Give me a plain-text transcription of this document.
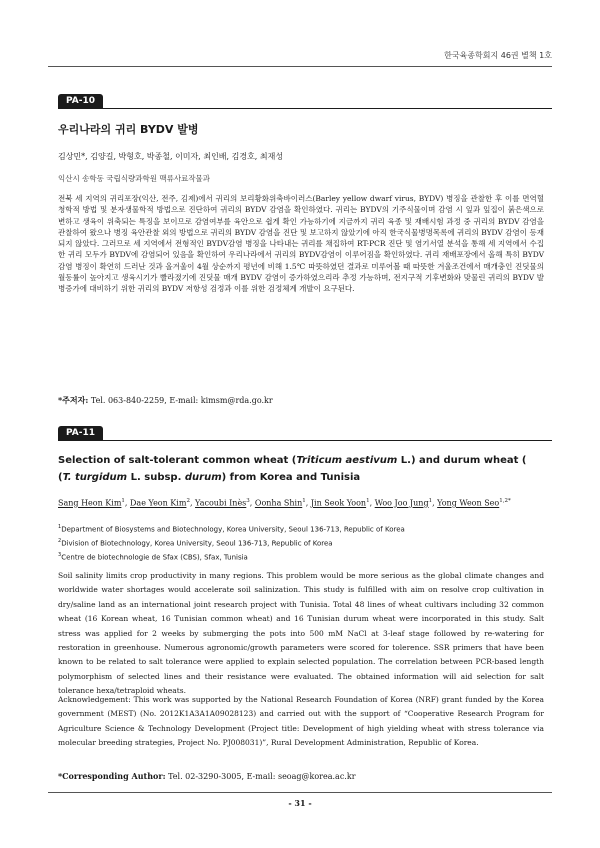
한국육종학회지 46권 별책 1호
PA-10
우리나라의 귀리 BYDV 발병
김상민*, 김양길, 박형호, 박종철, 이미자, 최인배, 김경호, 최재성
익산시 송학동 국립식량과학원 맥류사료작물과
전북 세 지역의 귀리포장(익산, 전주, 김제)에서 귀리의 보리황화위축바이러스(Barley yellow dwarf virus, BYDV) 병징을 관찰한 후 이를 면역혈청학적 방법 및 분자생물학적 방법으로 진단하여 귀리의 BYDV 감염을 확인하였다. 귀리는 BYDV의 기주식물이며 감염 시 잎과 잎집이 붉은색으로 변하고 생육이 위축되는 특징을 보이므로 감염여부를 육안으로 쉽게 확인 가능하기에 지금까지 귀리 육종 및 재배시험 과정 중 귀리의 BYDV 감염을 관찰하여 왔으나 병징 육안관찰 외의 방법으로 귀리의 BYDV 감염을 진단 및 보고하지 않았기에 아직 한국식물병명목록에 귀리의 BYDV 감염이 등재되지 않았다. 그러므로 세 지역에서 전형적인 BYDV감염 병징을 나타내는 귀리를 채집하여 RT-PCR 진단 및 염기서열 분석을 통해 세 지역에서 수집한 귀리 모두가 BYDV에 감염되어 있음을 확인하여 우리나라에서 귀리의 BYDV감염이 이루어짐을 확인하였다. 귀리 재배포장에서 올해 특히 BYDV 감염 병징이 확연히 드러난 것과 올겨울이 4월 상순까지 평년에 비해 1.5℃ 따뜻하였던 결과로 미루어볼 때 따뜻한 겨울조건에서 매개충인 진딧물의 월동률이 높아지고 생육시기가 빨라졌기에 진딧물 매개 BYDV 감염이 증가하였으리라 추정 가능하며, 전지구적 기후변화와 맞물린 귀리의 BYDV 발병증가에 대비하기 위한 귀리의 BYDV 저항성 검정과 이를 위한 검정체계 개발이 요구된다.
*주저자: Tel. 063-840-2259, E-mail: kimsm@rda.go.kr
PA-11
Selection of salt-tolerant common wheat (Triticum aestivum L.) and durum wheat (
(T. turgidum L. subsp. durum) from Korea and Tunisia
Sang Heon Kim$^1$, Dae Yeon Kim$^2$, Yacoubi Inès$^3$, Oonha Shin$^1$, Jin Seok Yoon$^1$, Woo Joo Jung$^1$, Yong Weon Seo$^{1,2*}$
$^1$Department of Biosystems and Biotechnology, Korea University, Seoul 136-713, Republic of Korea
$^2$Division of Biotechnology, Korea University, Seoul 136-713, Republic of Korea
$^3$Centre de biotechnologie de Sfax (CBS), Sfax, Tunisia
Soil salinity limits crop productivity in many regions. This problem would be more serious as the global climate changes and worldwide water shortages would accelerate soil salinization. This study is fulfilled with aim on resolve crop cultivation in dry/saline land as an international joint research project with Tunisia. Total 48 lines of wheat cultivars including 32 common wheat (16 Korean wheat, 16 Tunisian common wheat) and 16 Tunisian durum wheat were incorporated in this study. Salt stress was applied for 2 weeks by submerging the pots into 500 mM NaCl at 3-leaf stage followed by re-watering for restoration in greenhouse. Numerous agronomic/growth parameters were scored for tolerence. SSR primers that have been known to be related to salt tolerance were applied to explain selected population. The correlation between PCR-based length polymorphism of selected lines and their resistance were evaluated. The obtained information will aid selection for salt tolerance hexa/tetraploid wheats.
Acknowledgement: This work was supported by the National Research Foundation of Korea (NRF) grant funded by the Korea government (MEST) (No. 2012K1A3A1A09028123) and carried out with the support of “Cooperative Research Program for Agriculture Science & Technology Development (Project title: Development of high yielding wheat with stress tolerance via molecular breeding strategies, Project No. PJ008031)”, Rural Development Administration, Republic of Korea.
*Corresponding Author: Tel. 02-3290-3005, E-mail: seoag@korea.ac.kr
- 31 -
